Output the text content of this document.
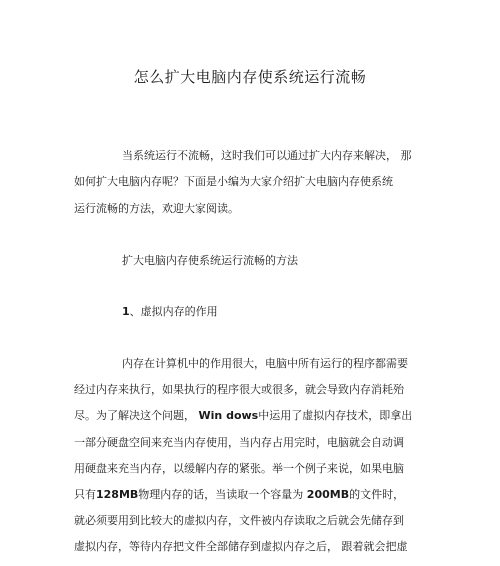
怎么扩大电脑内存使系统运行流畅
当系统运行不流畅，这时我们可以通过扩大内存来解决， 那
如何扩大电脑内存呢？下面是小编为大家介绍扩大电脑内存使系统
运行流畅的方法，欢迎大家阅读。
扩大电脑内存使系统运行流畅的方法
1、虚拟内存的作用
内存在计算机中的作用很大，电脑中所有运行的程序都需要
经过内存来执行，如果执行的程序很大或很多，就会导致内存消耗殆
尽。为了解决这个问题， Win dows中运用了虚拟内存技术，即拿出
一部分硬盘空间来充当内存使用，当内存占用完时，电脑就会自动调
用硬盘来充当内存，以缓解内存的紧张。举一个例子来说，如果电脑
只有128MB物理内存的话，当读取一个容量为 200MB的文件时，
就必须要用到比较大的虚拟内存，文件被内存读取之后就会先储存到
虚拟内存，等待内存把文件全部储存到虚拟内存之后， 跟着就会把虚
